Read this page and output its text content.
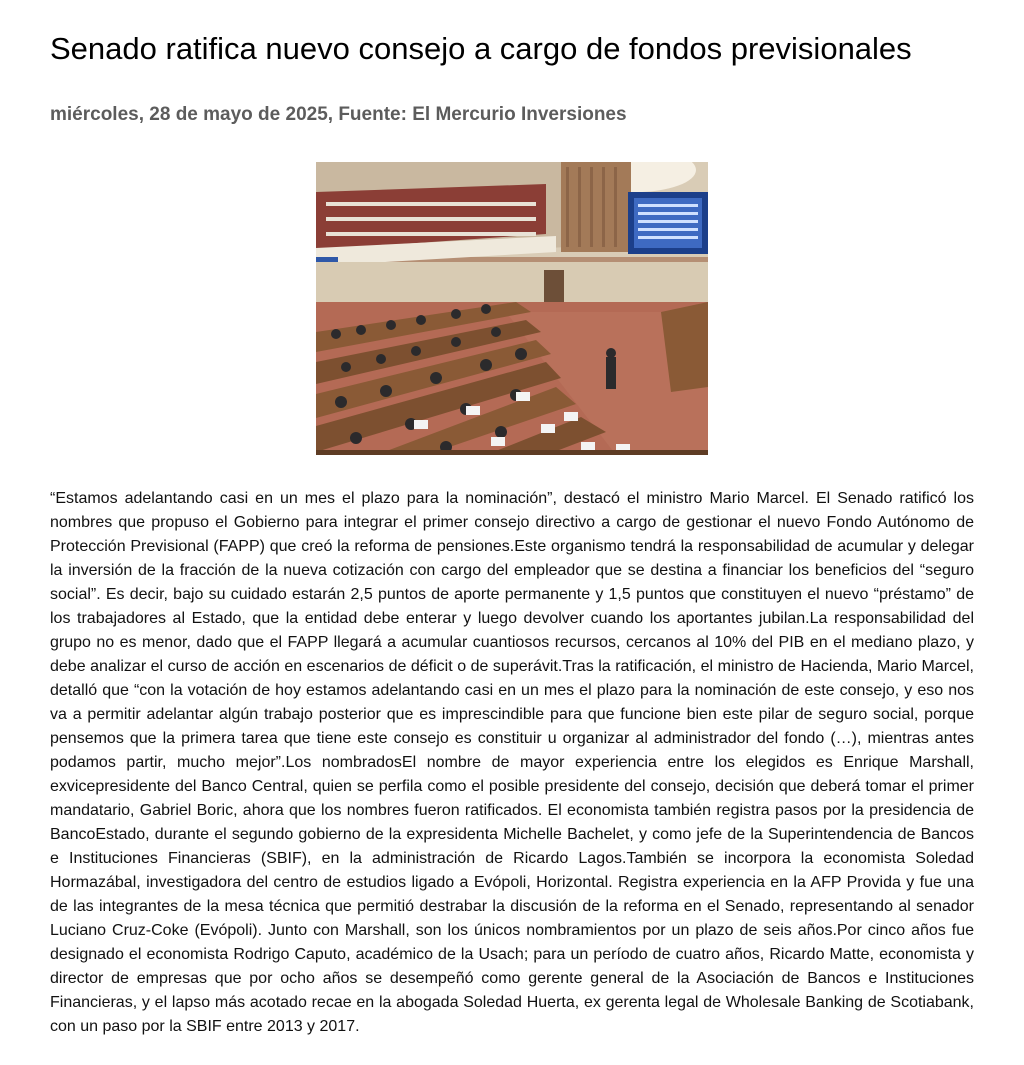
Senado ratifica nuevo consejo a cargo de fondos previsionales

miércoles, 28 de mayo de 2025, Fuente: El Mercurio Inversiones

“Estamos adelantando casi en un mes el plazo para la nominación”, destacó el ministro Mario Marcel. El Senado ratificó los nombres que propuso el Gobierno para integrar el primer consejo directivo a cargo de gestionar el nuevo Fondo Autónomo de Protección Previsional (FAPP) que creó la reforma de pensiones.Este organismo tendrá la responsabilidad de acumular y delegar la inversión de la fracción de la nueva cotización con cargo del empleador que se destina a financiar los beneficios del “seguro social”. Es decir, bajo su cuidado estarán 2,5 puntos de aporte permanente y 1,5 puntos que constituyen el nuevo “préstamo” de los trabajadores al Estado, que la entidad debe enterar y luego devolver cuando los aportantes jubilan.La responsabilidad del grupo no es menor, dado que el FAPP llegará a acumular cuantiosos recursos, cercanos al 10% del PIB en el mediano plazo, y debe analizar el curso de acción en escenarios de déficit o de superávit.Tras la ratificación, el ministro de Hacienda, Mario Marcel, detalló que “con la votación de hoy estamos adelantando casi en un mes el plazo para la nominación de este consejo, y eso nos va a permitir adelantar algún trabajo posterior que es imprescindible para que funcione bien este pilar de seguro social, porque pensemos que la primera tarea que tiene este consejo es constituir u organizar al administrador del fondo (…), mientras antes podamos partir, mucho mejor”.Los nombradosEl nombre de mayor experiencia entre los elegidos es Enrique Marshall, exvicepresidente del Banco Central, quien se perfila como el posible presidente del consejo, decisión que deberá tomar el primer mandatario, Gabriel Boric, ahora que los nombres fueron ratificados. El economista también registra pasos por la presidencia de BancoEstado, durante el segundo gobierno de la expresidenta Michelle Bachelet, y como jefe de la Superintendencia de Bancos e Instituciones Financieras (SBIF), en la administración de Ricardo Lagos.También se incorpora la economista Soledad Hormazábal, investigadora del centro de estudios ligado a Evópoli, Horizontal. Registra experiencia en la AFP Provida y fue una de las integrantes de la mesa técnica que permitió destrabar la discusión de la reforma en el Senado, representando al senador Luciano Cruz-Coke (Evópoli). Junto con Marshall, son los únicos nombramientos por un plazo de seis años.Por cinco años fue designado el economista Rodrigo Caputo, académico de la Usach; para un período de cuatro años, Ricardo Matte, economista y director de empresas que por ocho años se desempeñó como gerente general de la Asociación de Bancos e Instituciones Financieras, y el lapso más acotado recae en la abogada Soledad Huerta, ex gerenta legal de Wholesale Banking de Scotiabank, con un paso por la SBIF entre 2013 y 2017.
